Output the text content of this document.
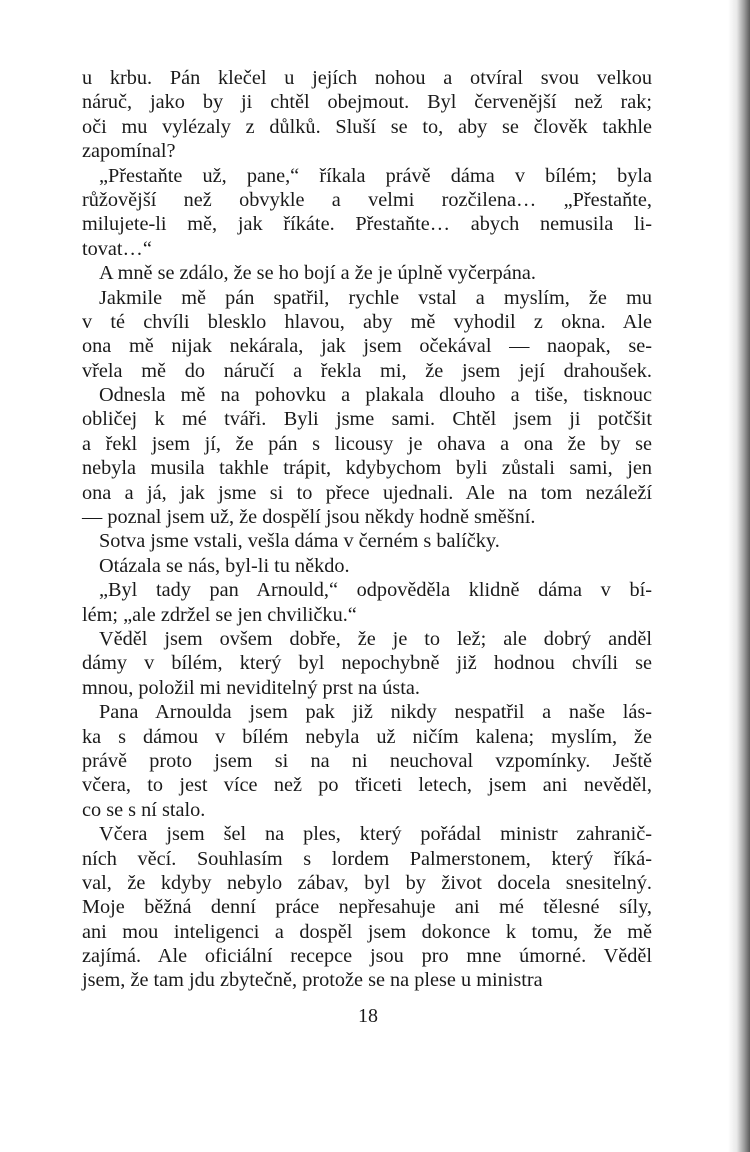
u krbu. Pán klečel u jejích nohou a otvíral svou velkou
náruč, jako by ji chtěl obejmout. Byl červenější než rak;
oči mu vylézaly z důlků. Sluší se to, aby se člověk takhle
zapomínal?
„Přestaňte už, pane,“ říkala právě dáma v bílém; byla
růžovější než obvykle a velmi rozčilena… „Přestaňte,
milujete-li mě, jak říkáte. Přestaňte… abych nemusila li-
tovat…“
A mně se zdálo, že se ho bojí a že je úplně vyčerpána.
Jakmile mě pán spatřil, rychle vstal a myslím, že mu
v té chvíli blesklo hlavou, aby mě vyhodil z okna. Ale
ona mě nijak nekárala, jak jsem očekával — naopak, se-
vřela mě do náručí a řekla mi, že jsem její drahoušek.
Odnesla mě na pohovku a plakala dlouho a tiše, tisknouc
obličej k mé tváři. Byli jsme sami. Chtěl jsem ji potčšit
a řekl jsem jí, že pán s licousy je ohava a ona že by se
nebyla musila takhle trápit, kdybychom byli zůstali sami, jen
ona a já, jak jsme si to přece ujednali. Ale na tom nezáleží
— poznal jsem už, že dospělí jsou někdy hodně směšní.
Sotva jsme vstali, vešla dáma v černém s balíčky.
Otázala se nás, byl-li tu někdo.
„Byl tady pan Arnould,“ odpověděla klidně dáma v bí-
lém; „ale zdržel se jen chviličku.“
Věděl jsem ovšem dobře, že je to lež; ale dobrý anděl
dámy v bílém, který byl nepochybně již hodnou chvíli se
mnou, položil mi neviditelný prst na ústa.
Pana Arnoulda jsem pak již nikdy nespatřil a naše lás-
ka s dámou v bílém nebyla už ničím kalena; myslím, že
právě proto jsem si na ni neuchoval vzpomínky. Ještě
včera, to jest více než po třiceti letech, jsem ani nevěděl,
co se s ní stalo.
Včera jsem šel na ples, který pořádal ministr zahranič-
ních věcí. Souhlasím s lordem Palmerstonem, který říká-
val, že kdyby nebylo zábav, byl by život docela snesitelný.
Moje běžná denní práce nepřesahuje ani mé tělesné síly,
ani mou inteligenci a dospěl jsem dokonce k tomu, že mě
zajímá. Ale oficiální recepce jsou pro mne úmorné. Věděl
jsem, že tam jdu zbytečně, protože se na plese u ministra
18
